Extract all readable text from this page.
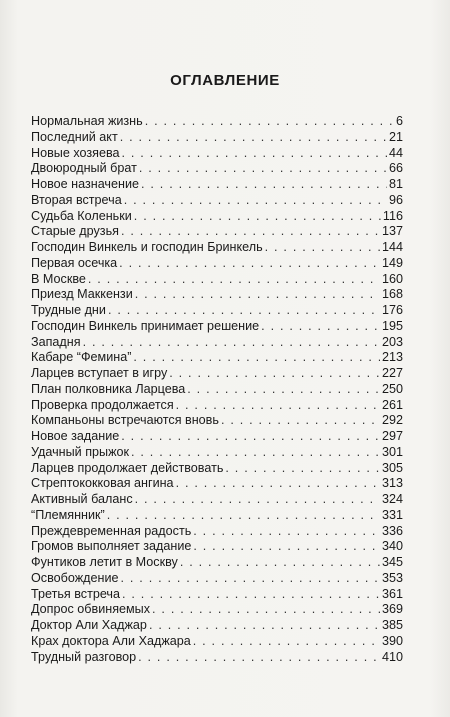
ОГЛАВЛЕНИЕ
Нормальная жизнь . . .	6
Последний акт . . .	21
Новые хозяева . . .	44
Двоюродный брат . . .	66
Новое назначение . . .	81
Вторая встреча . . .	96
Судьба Коленьки . . .	116
Старые друзья . . .	137
Господин Винкель и господин Бринкель . . .	144
Первая осечка . . .	149
В Москве . . .	160
Приезд Маккензи . . .	168
Трудные дни . . .	176
Господин Винкель принимает решение . . .	195
Западня . . .	203
Кабаре “Фемина” . . .	213
Ларцев вступает в игру . . .	227
План полковника Ларцева . . .	250
Проверка продолжается . . .	261
Компаньоны встречаются вновь . . .	292
Новое задание . . .	297
Удачный прыжок . . .	301
Ларцев продолжает действовать . . .	305
Стрептококковая ангина . . .	313
Активный баланс . . .	324
“Племянник” . . .	331
Преждевременная радость . . .	336
Громов выполняет задание . . .	340
Фунтиков летит в Москву . . .	345
Освобождение . . .	353
Третья встреча . . .	361
Допрос обвиняемых . . .	369
Доктор Али Хаджар . . .	385
Крах доктора Али Хаджара . . .	390
Трудный разговор . . .	410
